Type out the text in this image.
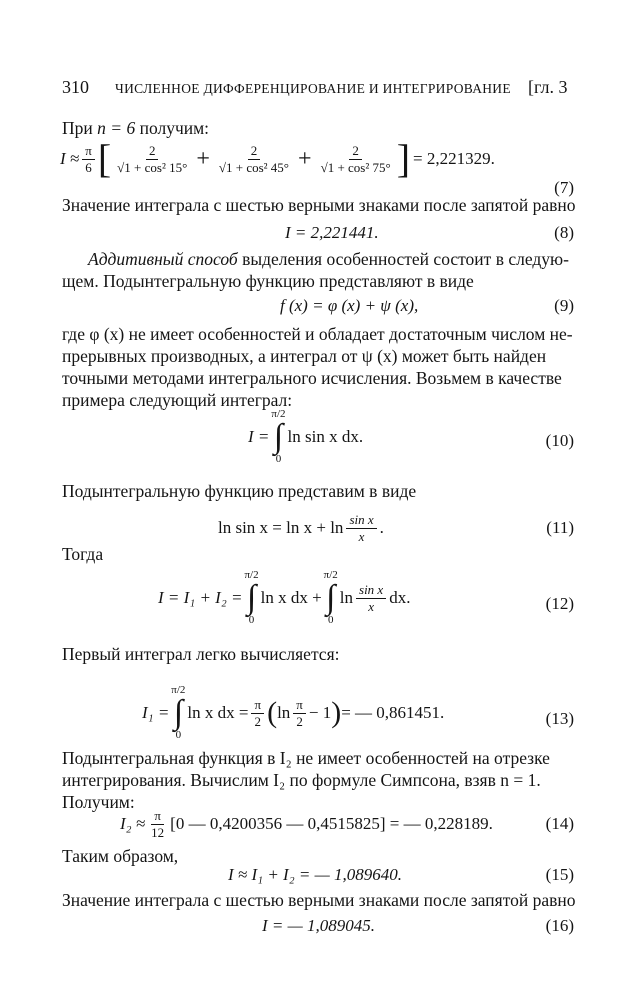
310 ЧИСЛЕННОЕ ДИФФЕРЕНЦИРОВАНИЕ И ИНТЕГРИРОВАНИЕ [гл. 3
При n = 6 получим:
$I \approx \frac{\pi}{6}$ [ $\frac{2}{\text{√1 + cos² 15°}} + \frac{2}{\text{√1 + cos² 45°}} + \frac{2}{\text{√1 + cos² 75°}}$ ] = 2,221329.
(7)
Значение интеграла с шестью верными знаками после запятой равно
I = 2,221441.	(8)
Аддитивный способ выделения особенностей состоит в следую-
щем. Подынтегральную функцию представляют в виде
f (x) = φ (x) + ψ (x),	(9)
где φ (x) не имеет особенностей и обладает достаточным числом не-
прерывных производных, а интеграл от ψ (x) может быть найден
точными методами интегрального исчисления. Возьмем в качестве
примера следующий интеграл:
I =
π/2
∫
0
ln sin x dx.	(10)
Подынтегральную функцию представим в виде
$\ln \sin x = \ln x + \ln \frac{\text{sin x}}{x}$ .	(11)
Тогда
I = I₁ + I₂ =
π/2
∫
0
ln x dx +
π/2
∫
0
$\ln \frac{\text{sin x}}{x}$ dx.	(12)
Первый интеграл легко вычисляется:
I₁ =
π/2
∫
0
ln x dx = $\frac{\pi}{2}$ ( $\ln \frac{\pi}{2} - 1$ ) = — 0,861451.	(13)
Подынтегральная функция в I₂ не имеет особенностей на отрезке
интегрирования. Вычислим I₂ по формуле Симпсона, взяв n = 1.
Получим:
$I_2 \approx \frac{\pi}{12} [0$ — 0,4200356 — 0,4515825] = — 0,228189.	(14)
Таким образом,
I ≈ I₁ + I₂ = — 1,089640.	(15)
Значение интеграла с шестью верными знаками после запятой равно
I = — 1,089045.	(16)
